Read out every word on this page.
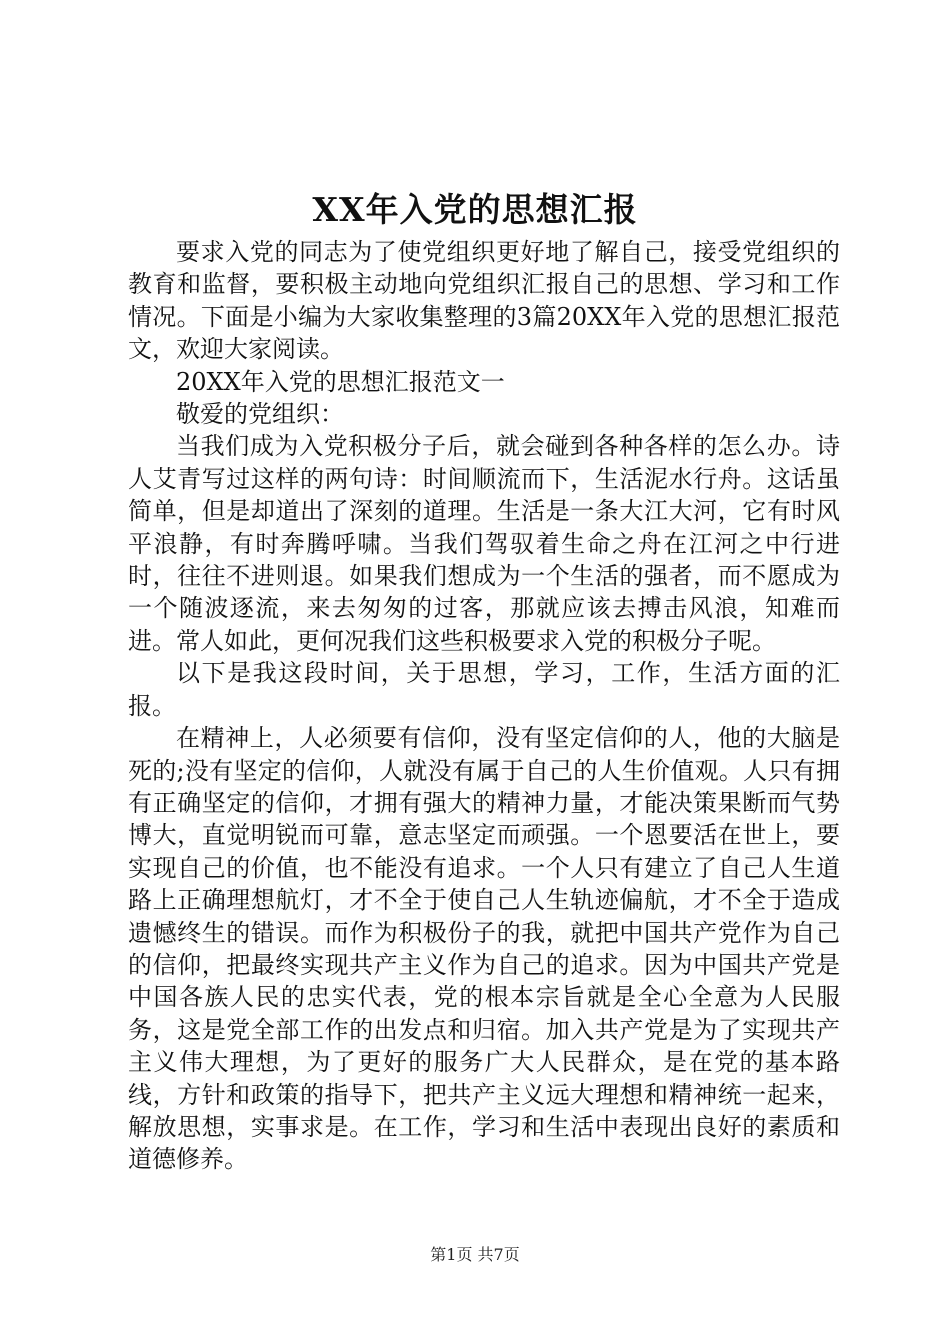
XX年入党的思想汇报

要求入党的同志为了使党组织更好地了解自己，接受党组织的教育和监督，要积极主动地向党组织汇报自己的思想、学习和工作情况。下面是小编为大家收集整理的3篇20XX年入党的思想汇报范文，欢迎大家阅读。

20XX年入党的思想汇报范文一

敬爱的党组织：

当我们成为入党积极分子后，就会碰到各种各样的怎么办。诗人艾青写过这样的两句诗：时间顺流而下，生活泥水行舟。这话虽简单，但是却道出了深刻的道理。生活是一条大江大河，它有时风平浪静，有时奔腾呼啸。当我们驾驭着生命之舟在江河之中行进时，往往不进则退。如果我们想成为一个生活的强者，而不愿成为一个随波逐流，来去匆匆的过客，那就应该去搏击风浪，知难而进。常人如此，更何况我们这些积极要求入党的积极分子呢。

以下是我这段时间，关于思想，学习，工作，生活方面的汇报。

在精神上，人必须要有信仰，没有坚定信仰的人，他的大脑是死的;没有坚定的信仰，人就没有属于自己的人生价值观。人只有拥有正确坚定的信仰，才拥有强大的精神力量，才能决策果断而气势博大，直觉明锐而可靠，意志坚定而顽强。一个恩要活在世上，要实现自己的价值，也不能没有追求。一个人只有建立了自己人生道路上正确理想航灯，才不全于使自己人生轨迹偏航，才不全于造成遗憾终生的错误。而作为积极份子的我，就把中国共产党作为自己的信仰，把最终实现共产主义作为自己的追求。因为中国共产党是中国各族人民的忠实代表，党的根本宗旨就是全心全意为人民服务，这是党全部工作的出发点和归宿。加入共产党是为了实现共产主义伟大理想，为了更好的服务广大人民群众，是在党的基本路线，方针和政策的指导下，把共产主义远大理想和精神统一起来，解放思想，实事求是。在工作，学习和生活中表现出良好的素质和道德修养。

第1页 共7页
